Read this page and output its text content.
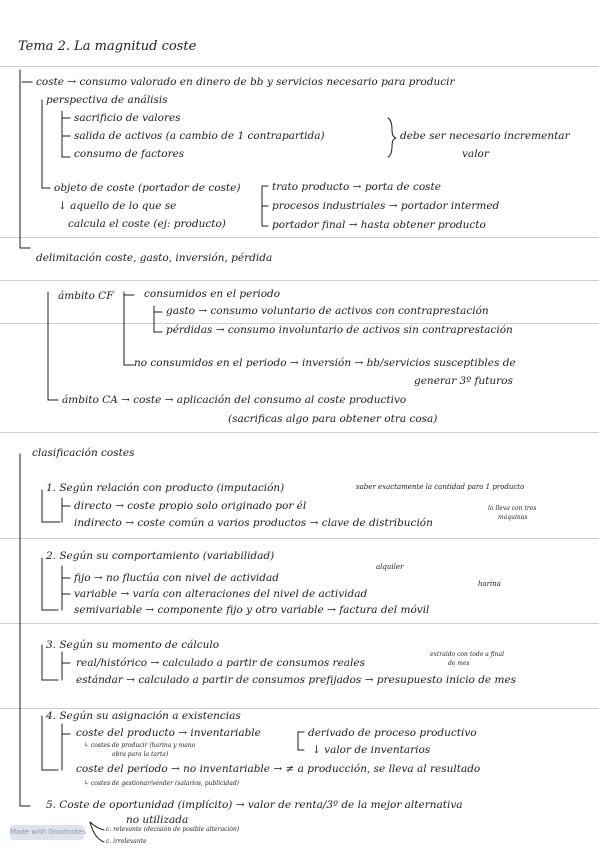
Tema 2. La magnitud coste
coste → consumo valorado en dinero de bb y servicios necesario para producir
perspectiva de análisis
sacrificio de valores
salida de activos (a cambio de 1 contrapartida)
consumo de factores
debe ser necesario incrementar
valor
objeto de coste (portador de coste)
↓ aquello de lo que se
calcula el coste (ej: producto)
trato producto → porta de coste
procesos industriales → portador intermed
portador final → hasta obtener producto
delimitación coste, gasto, inversión, pérdida
ámbito CF	consumidos en el periodo
gasto → consumo voluntario de activos con contraprestación
pérdidas → consumo involuntario de activos sin contraprestación
no consumidos en el periodo → inversión → bb/servicios susceptibles de
generar 3º futuros
ámbito CA → coste → aplicación del consumo al coste productivo
(sacrificas algo para obtener otra cosa)
clasificación costes
1. Según relación con producto (imputación)	saber exactamente la cantidad para 1 producto
directo → coste propio solo originado por él
indirecto → coste común a varios productos → clave de distribución
lo lleva con tres
máquinas
2. Según su comportamiento (variabilidad)
alquiler
fijo → no fluctúa con nivel de actividad	harina
variable → varía con alteraciones del nivel de actividad
semivariable → componente fijo y otro variable → factura del móvil
3. Según su momento de cálculo
extraído con todo a final
de mes
real/histórico → calculado a partir de consumos reales
estándar → calculado a partir de consumos prefijados → presupuesto inicio de mes
4. Según su asignación a existencias
coste del producto → inventariable	derivado de proceso productivo
↳ costes de producir (harina y mano
obra para la tarta)	↓ valor de inventarios
coste del periodo → no inventariable → ≠ a producción, se lleva al resultado
↳ costes de gestionar/vender (salarios, publicidad)
5. Coste de oportunidad (implícito) → valor de renta/3º de la mejor alternativa
no utilizada
c. relevante (decisión de posible alteración)
c. irrelevante
Made with Goodnotes
